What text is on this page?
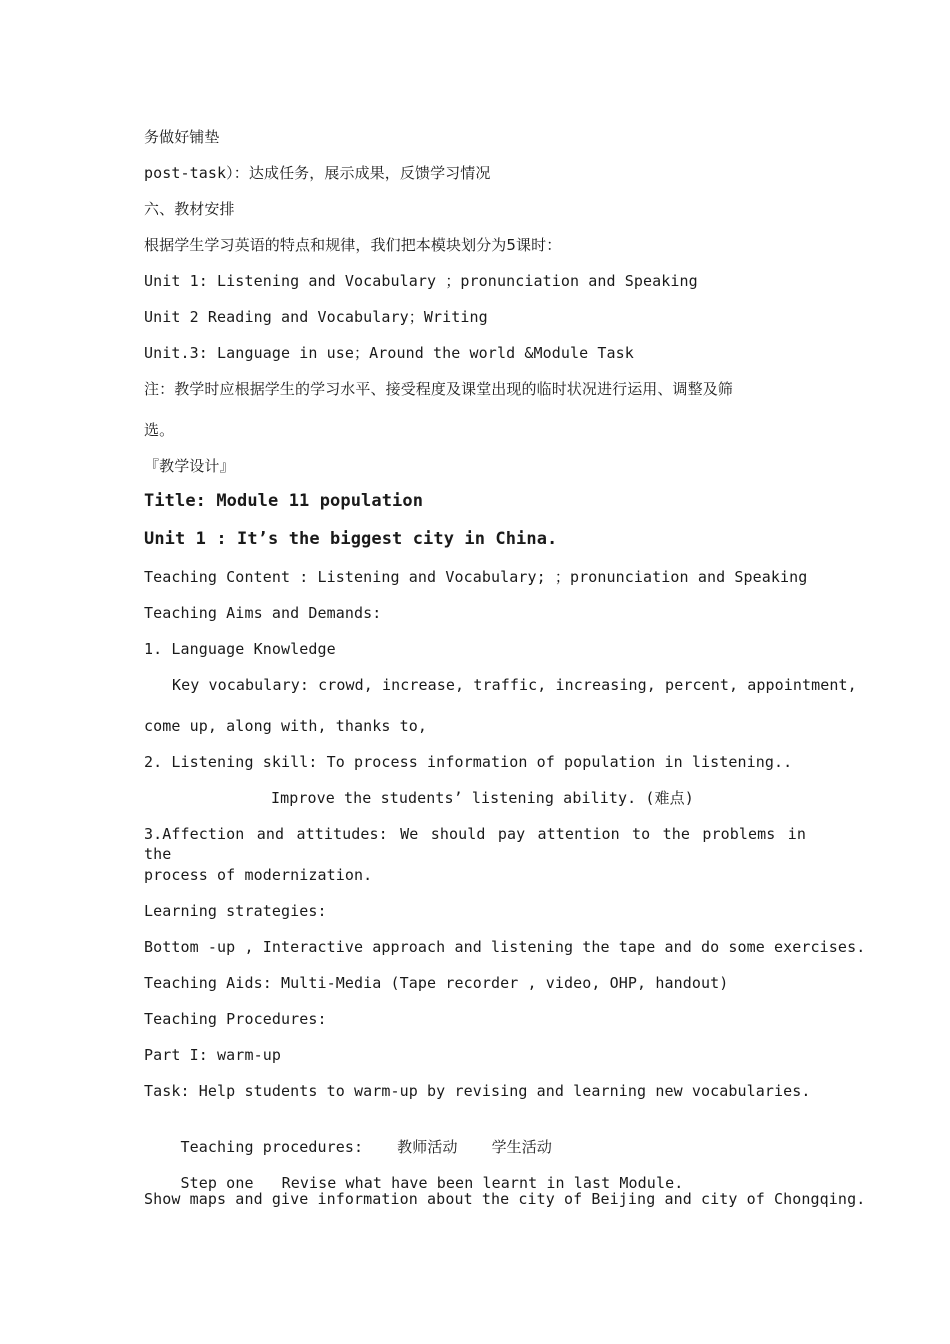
务做好铺垫
post-task）：达成任务，展示成果，反馈学习情况
六、教材安排
根据学生学习英语的特点和规律，我们把本模块划分为5课时：
Unit 1: Listening and Vocabulary ；pronunciation and Speaking
Unit 2 Reading and Vocabulary；Writing
Unit.3: Language in use；Around the world &Module Task
注：教学时应根据学生的学习水平、接受程度及课堂出现的临时状况进行运用、调整及筛
选。
『教学设计』
Title: Module 11 population
Unit 1 : It’s the biggest city in China.
Teaching Content : Listening and Vocabulary; ；pronunciation and Speaking
Teaching Aims and Demands:
1. Language Knowledge
Key vocabulary: crowd, increase, traffic, increasing, percent, appointment,
come up, along with, thanks to,
2. Listening skill: To process information of population in listening..
Improve the students’ listening ability. (难点)
3.Affection and attitudes: We should pay attention to the problems in the
process of modernization.
Learning strategies:
Bottom -up , Interactive approach and listening the tape and do some exercises.
Teaching Aids: Multi-Media (Tape recorder , video, OHP, handout)
Teaching Procedures:
Part I: warm-up
Task: Help students to warm-up by revising and learning new vocabularies.

Teaching procedures: 教师活动 学生活动

Step one Revise what have been learnt in last Module.

Show maps and give information about the city of Beijing and city of Chongqing.
